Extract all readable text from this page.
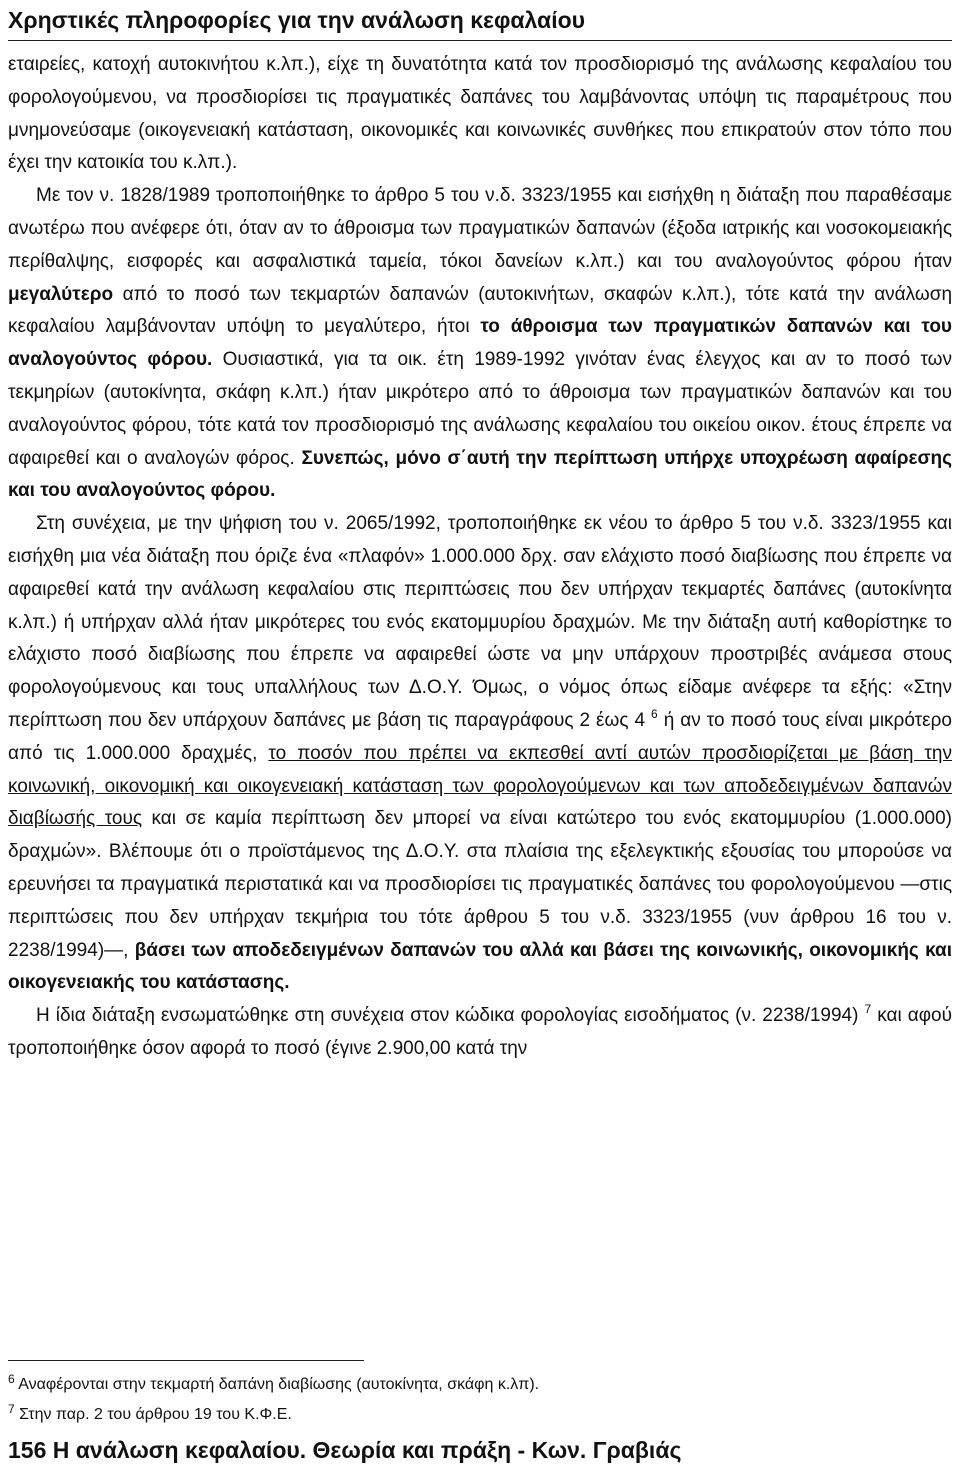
Χρηστικές πληροφορίες για την ανάλωση κεφαλαίου

εταιρείες, κατοχή αυτοκινήτου κ.λπ.), είχε τη δυνατότητα κατά τον προσδιορισμό της ανάλωσης κεφαλαίου του φορολογούμενου, να προσδιορίσει τις πραγματικές δαπάνες του λαμβάνοντας υπόψη τις παραμέτρους που μνημονεύσαμε (οικογενειακή κατάσταση, οικονομικές και κοινωνικές συνθήκες που επικρατούν στον τόπο που έχει την κατοικία του κ.λπ.).

Με τον ν. 1828/1989 τροποποιήθηκε το άρθρο 5 του ν.δ. 3323/1955 και εισήχθη η διάταξη που παραθέσαμε ανωτέρω που ανέφερε ότι, όταν αν το άθροισμα των πραγματικών δαπανών (έξοδα ιατρικής και νοσοκομειακής περίθαλψης, εισφορές και ασφαλιστικά ταμεία, τόκοι δανείων κ.λπ.) και του αναλογούντος φόρου ήταν μεγαλύτερο από το ποσό των τεκμαρτών δαπανών (αυτοκινήτων, σκαφών κ.λπ.), τότε κατά την ανάλωση κεφαλαίου λαμβάνονταν υπόψη το μεγαλύτερο, ήτοι το άθροισμα των πραγματικών δαπανών και του αναλογούντος φόρου. Ουσιαστικά, για τα οικ. έτη 1989-1992 γινόταν ένας έλεγχος και αν το ποσό των τεκμηρίων (αυτοκίνητα, σκάφη κ.λπ.) ήταν μικρότερο από το άθροισμα των πραγματικών δαπανών και του αναλογούντος φόρου, τότε κατά τον προσδιορισμό της ανάλωσης κεφαλαίου του οικείου οικον. έτους έπρεπε να αφαιρεθεί και ο αναλογών φόρος. Συνεπώς, μόνο σ΄αυτή την περίπτωση υπήρχε υποχρέωση αφαίρεσης και του αναλογούντος φόρου.

Στη συνέχεια, με την ψήφιση του ν. 2065/1992, τροποποιήθηκε εκ νέου το άρθρο 5 του ν.δ. 3323/1955 και εισήχθη μια νέα διάταξη που όριζε ένα «πλαφόν» 1.000.000 δρχ. σαν ελάχιστο ποσό διαβίωσης που έπρεπε να αφαιρεθεί κατά την ανάλωση κεφαλαίου στις περιπτώσεις που δεν υπήρχαν τεκμαρτές δαπάνες (αυτοκίνητα κ.λπ.) ή υπήρχαν αλλά ήταν μικρότερες του ενός εκατομμυρίου δραχμών. Με την διάταξη αυτή καθορίστηκε το ελάχιστο ποσό διαβίωσης που έπρεπε να αφαιρεθεί ώστε να μην υπάρχουν προστριβές ανάμεσα στους φορολογούμενους και τους υπαλλήλους των Δ.Ο.Υ. Όμως, ο νόμος όπως είδαμε ανέφερε τα εξής: «Στην περίπτωση που δεν υπάρχουν δαπάνες με βάση τις παραγράφους 2 έως 4 $^6$ ή αν το ποσό τους είναι μικρότερο από τις 1.000.000 δραχμές, το ποσόν που πρέπει να εκπεσθεί αντί αυτών προσδιορίζεται με βάση την κοινωνική, οικονομική και οικογενειακή κατάσταση των φορολογούμενων και των αποδεδειγμένων δαπανών διαβίωσής τους και σε καμία περίπτωση δεν μπορεί να είναι κατώτερο του ενός εκατομμυρίου (1.000.000) δραχμών». Βλέπουμε ότι ο προϊστάμενος της Δ.Ο.Υ. στα πλαίσια της εξελεγκτικής εξουσίας του μπορούσε να ερευνήσει τα πραγματικά περιστατικά και να προσδιορίσει τις πραγματικές δαπάνες του φορολογούμενου —στις περιπτώσεις που δεν υπήρχαν τεκμήρια του τότε άρθρου 5 του ν.δ. 3323/1955 (νυν άρθρου 16 του ν. 2238/1994)—, βάσει των αποδεδειγμένων δαπανών του αλλά και βάσει της κοινωνικής, οικονομικής και οικογενειακής του κατάστασης.

Η ίδια διάταξη ενσωματώθηκε στη συνέχεια στον κώδικα φορολογίας εισοδήματος (ν. 2238/1994) $^7$ και αφού τροποποιήθηκε όσον αφορά το ποσό (έγινε 2.900,00 κατά την

$^6$ Αναφέρονται στην τεκμαρτή δαπάνη διαβίωσης (αυτοκίνητα, σκάφη κ.λπ).

$^7$ Στην παρ. 2 του άρθρου 19 του Κ.Φ.Ε.

156 Η ανάλωση κεφαλαίου. Θεωρία και πράξη - Κων. Γραβιάς
